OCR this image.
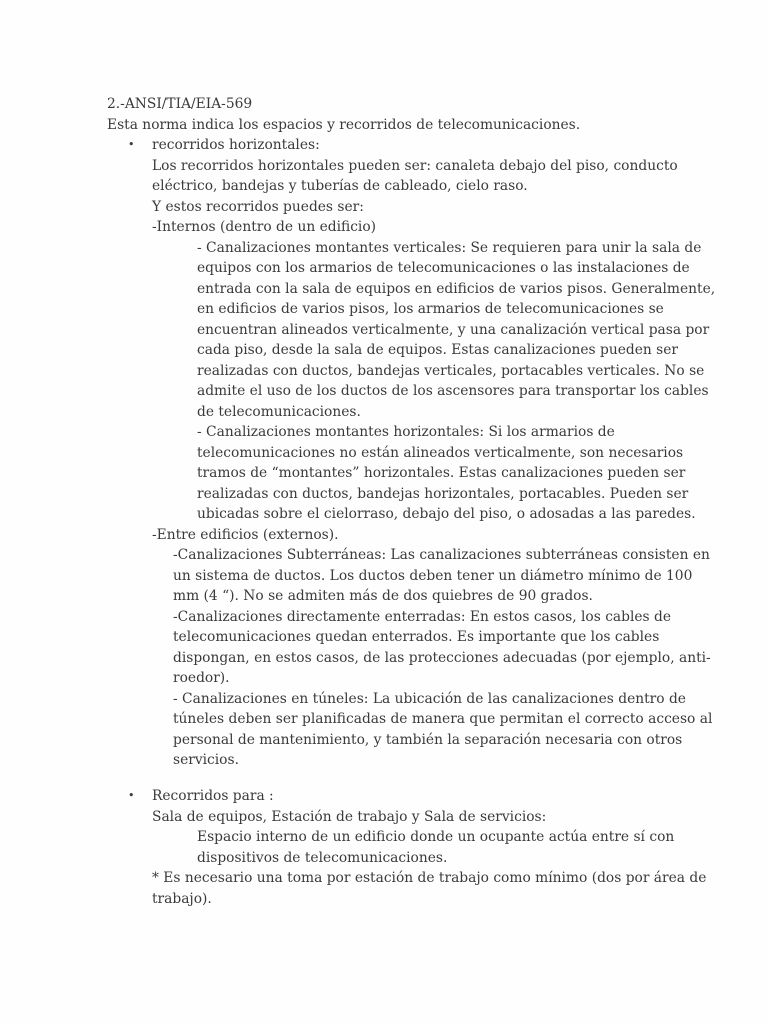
2.-ANSI/TIA/EIA-569
Esta norma indica los espacios y recorridos de telecomunicaciones.
• recorridos horizontales:
Los recorridos horizontales pueden ser: canaleta debajo del piso, conducto
eléctrico, bandejas y tuberías de cableado, cielo raso.
Y estos recorridos puedes ser:
-Internos (dentro de un edificio)
- Canalizaciones montantes verticales: Se requieren para unir la sala de
equipos con los armarios de telecomunicaciones o las instalaciones de
entrada con la sala de equipos en edificios de varios pisos. Generalmente,
en edificios de varios pisos, los armarios de telecomunicaciones se
encuentran alineados verticalmente, y una canalización vertical pasa por
cada piso, desde la sala de equipos. Estas canalizaciones pueden ser
realizadas con ductos, bandejas verticales, portacables verticales. No se
admite el uso de los ductos de los ascensores para transportar los cables
de telecomunicaciones.
- Canalizaciones montantes horizontales: Si los armarios de
telecomunicaciones no están alineados verticalmente, son necesarios
tramos de “montantes” horizontales. Estas canalizaciones pueden ser
realizadas con ductos, bandejas horizontales, portacables. Pueden ser
ubicadas sobre el cielorraso, debajo del piso, o adosadas a las paredes.
-Entre edificios (externos).
-Canalizaciones Subterráneas: Las canalizaciones subterráneas consisten en
un sistema de ductos. Los ductos deben tener un diámetro mínimo de 100
mm (4 “). No se admiten más de dos quiebres de 90 grados.
-Canalizaciones directamente enterradas: En estos casos, los cables de
telecomunicaciones quedan enterrados. Es importante que los cables
dispongan, en estos casos, de las protecciones adecuadas (por ejemplo, anti-
roedor).
- Canalizaciones en túneles: La ubicación de las canalizaciones dentro de
túneles deben ser planificadas de manera que permitan el correcto acceso al
personal de mantenimiento, y también la separación necesaria con otros
servicios.
• Recorridos para :
Sala de equipos, Estación de trabajo y Sala de servicios:
Espacio interno de un edificio donde un ocupante actúa entre sí con
dispositivos de telecomunicaciones.
* Es necesario una toma por estación de trabajo como mínimo (dos por área de
trabajo).
